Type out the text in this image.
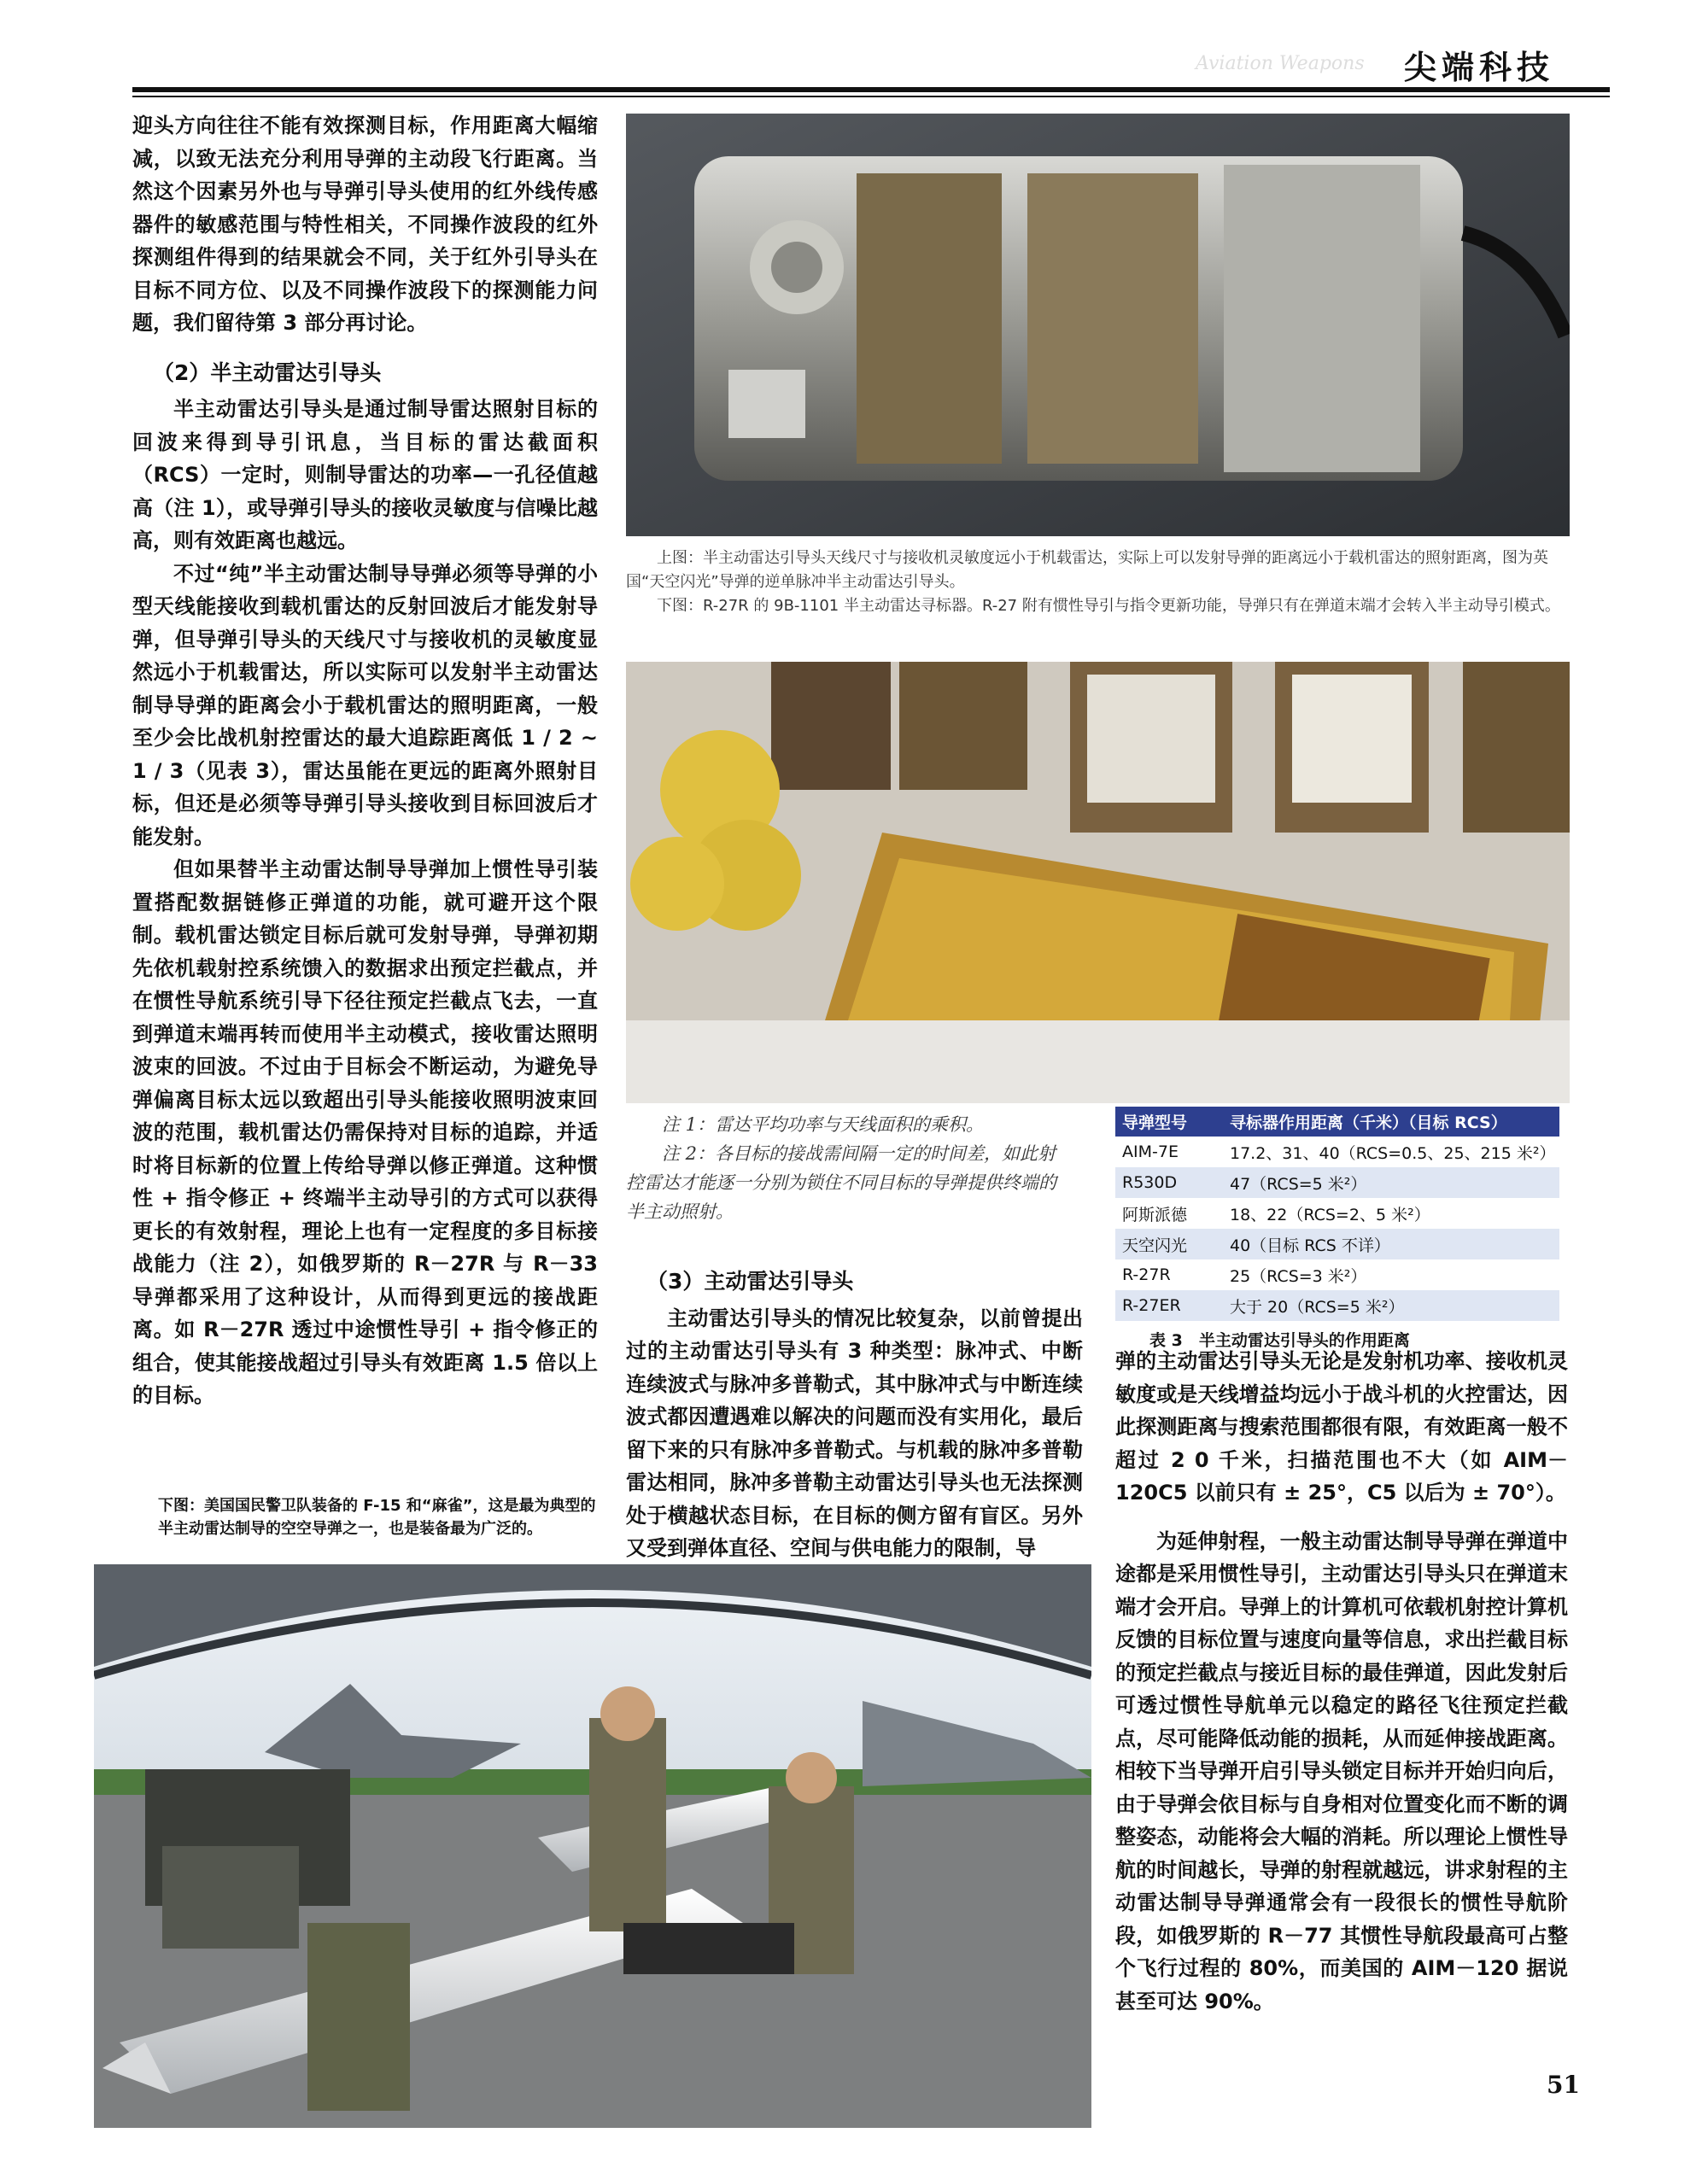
Aviation Weapons 尖端科技

迎头方向往往不能有效探测目标，作用距离大幅缩减，以致无法充分利用导弹的主动段飞行距离。当然这个因素另外也与导弹引导头使用的红外线传感器件的敏感范围与特性相关，不同操作波段的红外探测组件得到的结果就会不同，关于红外引导头在目标不同方位、以及不同操作波段下的探测能力问题，我们留待第 3 部分再讨论。

（2）半主动雷达引导头

半主动雷达引导头是通过制导雷达照射目标的回波来得到导引讯息，当目标的雷达截面积（RCS）一定时，则制导雷达的功率—一孔径值越高（注 1），或导弹引导头的接收灵敏度与信噪比越高，则有效距离也越远。

不过“纯”半主动雷达制导导弹必须等导弹的小型天线能接收到载机雷达的反射回波后才能发射导弹，但导弹引导头的天线尺寸与接收机的灵敏度显然远小于机载雷达，所以实际可以发射半主动雷达制导导弹的距离会小于载机雷达的照明距离，一般至少会比战机射控雷达的最大追踪距离低 1 / 2 ~ 1 / 3（见表 3），雷达虽能在更远的距离外照射目标，但还是必须等导弹引导头接收到目标回波后才能发射。

但如果替半主动雷达制导导弹加上惯性导引装置搭配数据链修正弹道的功能，就可避开这个限制。载机雷达锁定目标后就可发射导弹，导弹初期先依机载射控系统馈入的数据求出预定拦截点，并在惯性导航系统引导下径往预定拦截点飞去，一直到弹道末端再转而使用半主动模式，接收雷达照明波束的回波。不过由于目标会不断运动，为避免导弹偏离目标太远以致超出引导头能接收照明波束回波的范围，载机雷达仍需保持对目标的追踪，并适时将目标新的位置上传给导弹以修正弹道。这种惯性 + 指令修正 + 终端半主动导引的方式可以获得更长的有效射程，理论上也有一定程度的多目标接战能力（注 2），如俄罗斯的 R－27R 与 R－33 导弹都采用了这种设计，从而得到更远的接战距离。如 R－27R 透过中途惯性导引 + 指令修正的组合，使其能接战超过引导头有效距离 1.5 倍以上的目标。

下图：美国国民警卫队装备的 F-15 和“麻雀”，这是最为典型的半主动雷达制导的空空导弹之一，也是装备最为广泛的。

上图：半主动雷达引导头天线尺寸与接收机灵敏度远小于机载雷达，实际上可以发射导弹的距离远小于载机雷达的照射距离，图为英国“天空闪光”导弹的逆单脉冲半主动雷达引导头。

下图：R-27R 的 9B-1101 半主动雷达寻标器。R-27 附有惯性导引与指令更新功能，导弹只有在弹道末端才会转入半主动导引模式。

注 1：雷达平均功率与天线面积的乘积。

注 2：各目标的接战需间隔一定的时间差，如此射控雷达才能逐一分别为锁住不同目标的导弹提供终端的半主动照射。

导弹型号	寻标器作用距离（千米）（目标 RCS）
AIM-7E	17.2、31、40（RCS=0.5、25、215 米²）
R530D	47（RCS=5 米²）
阿斯派德	18、22（RCS=2、5 米²）
天空闪光	40（目标 RCS 不详）
R-27R	25（RCS=3 米²）
R-27ER	大于 20（RCS=5 米²）
表 3　半主动雷达引导头的作用距离

（3）主动雷达引导头

主动雷达引导头的情况比较复杂，以前曾提出过的主动雷达引导头有 3 种类型：脉冲式、中断连续波式与脉冲多普勒式，其中脉冲式与中断连续波式都因遭遇难以解决的问题而没有实用化，最后留下来的只有脉冲多普勒式。与机载的脉冲多普勒雷达相同，脉冲多普勒主动雷达引导头也无法探测处于横越状态目标，在目标的侧方留有盲区。另外又受到弹体直径、空间与供电能力的限制，导

弹的主动雷达引导头无论是发射机功率、接收机灵敏度或是天线增益均远小于战斗机的火控雷达，因此探测距离与搜索范围都很有限，有效距离一般不超过 2 0 千米，扫描范围也不大（如 AIM－120C5 以前只有 ± 25°，C5 以后为 ± 70°）。

为延伸射程，一般主动雷达制导导弹在弹道中途都是采用惯性导引，主动雷达引导头只在弹道末端才会开启。导弹上的计算机可依载机射控计算机反馈的目标位置与速度向量等信息，求出拦截目标的预定拦截点与接近目标的最佳弹道，因此发射后可透过惯性导航单元以稳定的路径飞往预定拦截点，尽可能降低动能的损耗，从而延伸接战距离。相较下当导弹开启引导头锁定目标并开始归向后，由于导弹会依目标与自身相对位置变化而不断的调整姿态，动能将会大幅的消耗。所以理论上惯性导航的时间越长，导弹的射程就越远，讲求射程的主动雷达制导导弹通常会有一段很长的惯性导航阶段，如俄罗斯的 R－77 其惯性导航段最高可占整个飞行过程的 80%，而美国的 AIM－120 据说甚至可达 90%。

51
